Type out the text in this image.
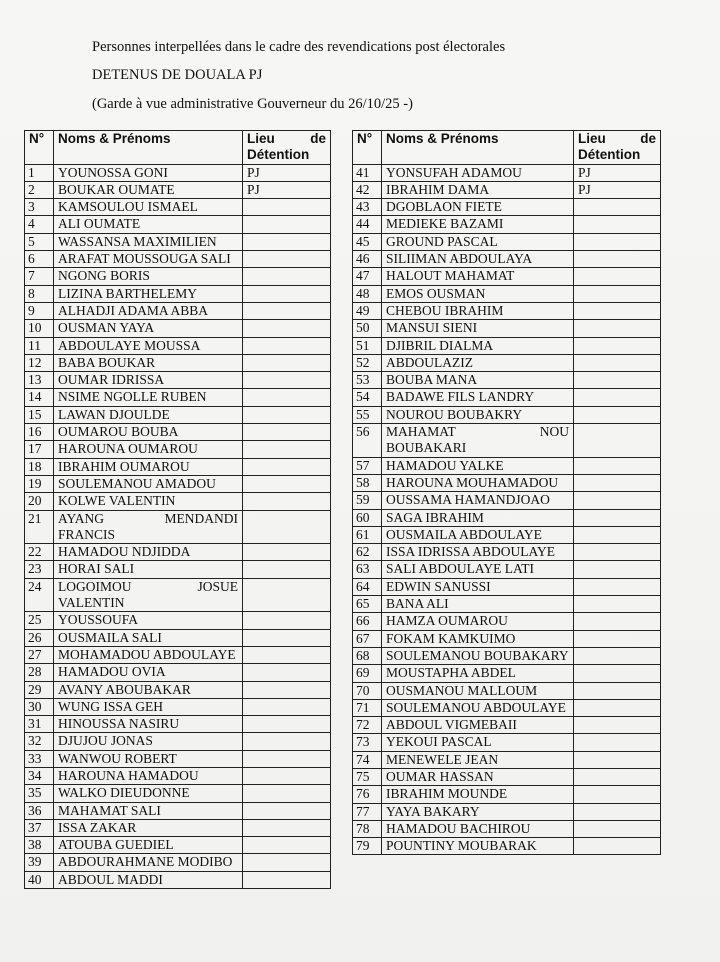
Personnes interpellées dans le cadre des revendications post électorales
DETENUS DE DOUALA PJ
(Garde à vue administrative Gouverneur du 26/10/25 -)
N°	Noms & Prénoms	Lieu de
Détention

1	YOUNOSSA GONI	PJ
2	BOUKAR OUMATE	PJ
3	KAMSOULOU ISMAEL	
4	ALI OUMATE	
5	WASSANSA MAXIMILIEN	
6	ARAFAT MOUSSOUGA SALI	
7	NGONG BORIS	
8	LIZINA BARTHELEMY	
9	ALHADJI ADAMA ABBA	
10	OUSMAN YAYA	
11	ABDOULAYE MOUSSA	
12	BABA BOUKAR	
13	OUMAR IDRISSA	
14	NSIME NGOLLE RUBEN	
15	LAWAN DJOULDE	
16	OUMAROU BOUBA	
17	HAROUNA OUMAROU	
18	IBRAHIM OUMAROU	
19	SOULEMANOU AMADOU	
20	KOLWE VALENTIN	
21	AYANG MENDANDI FRANCIS	
22	HAMADOU NDJIDDA	
23	HORAI SALI	
24	LOGOIMOU JOSUE VALENTIN	
25	YOUSSOUFA	
26	OUSMAILA SALI	
27	MOHAMADOU ABDOULAYE	
28	HAMADOU OVIA	
29	AVANY ABOUBAKAR	
30	WUNG ISSA GEH	
31	HINOUSSA NASIRU	
32	DJUJOU JONAS	
33	WANWOU ROBERT	
34	HAROUNA HAMADOU	
35	WALKO DIEUDONNE	
36	MAHAMAT SALI	
37	ISSA ZAKAR	
38	ATOUBA GUEDIEL	
39	ABDOURAHMANE MODIBO	
40	ABDOUL MADDI	
N°	Noms & Prénoms	Lieu de
Détention

41	YONSUFAH ADAMOU	PJ
42	IBRAHIM DAMA	PJ
43	DGOBLAON FIETE	
44	MEDIEKE BAZAMI	
45	GROUND PASCAL	
46	SILIIMAN ABDOULAYA	
47	HALOUT MAHAMAT	
48	EMOS OUSMAN	
49	CHEBOU IBRAHIM	
50	MANSUI SIENI	
51	DJIBRIL DIALMA	
52	ABDOULAZIZ	
53	BOUBA MANA	
54	BADAWE FILS LANDRY	
55	NOUROU BOUBAKRY	
56	MAHAMAT NOU BOUBAKARI	
57	HAMADOU YALKE	
58	HAROUNA MOUHAMADOU	
59	OUSSAMA HAMANDJOAO	
60	SAGA IBRAHIM	
61	OUSMAILA ABDOULAYE	
62	ISSA IDRISSA ABDOULAYE	
63	SALI ABDOULAYE LATI	
64	EDWIN SANUSSI	
65	BANA ALI	
66	HAMZA OUMAROU	
67	FOKAM KAMKUIMO	
68	SOULEMANOU BOUBAKARY	
69	MOUSTAPHA ABDEL	
70	OUSMANOU MALLOUM	
71	SOULEMANOU ABDOULAYE	
72	ABDOUL VIGMEBAII	
73	YEKOUI PASCAL	
74	MENEWELE JEAN	
75	OUMAR HASSAN	
76	IBRAHIM MOUNDE	
77	YAYA BAKARY	
78	HAMADOU BACHIROU	
79	POUNTINY MOUBARAK	
